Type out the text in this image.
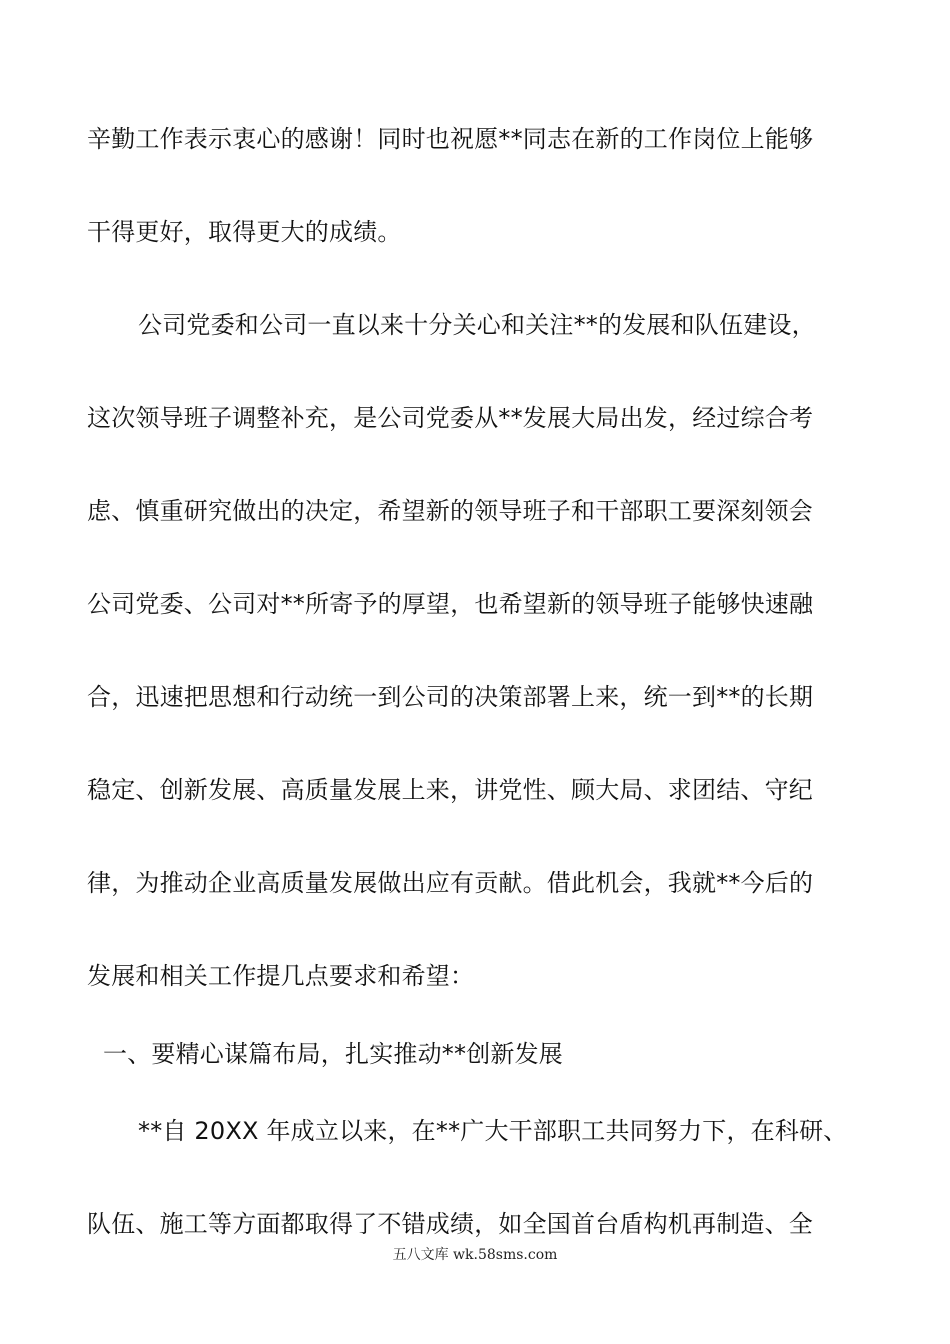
辛勤工作表示衷心的感谢！同时也祝愿**同志在新的工作岗位上能够
干得更好，取得更大的成绩。
公司党委和公司一直以来十分关心和关注**的发展和队伍建设，
这次领导班子调整补充，是公司党委从**发展大局出发，经过综合考
虑、慎重研究做出的决定，希望新的领导班子和干部职工要深刻领会
公司党委、公司对**所寄予的厚望，也希望新的领导班子能够快速融
合，迅速把思想和行动统一到公司的决策部署上来，统一到**的长期
稳定、创新发展、高质量发展上来，讲党性、顾大局、求团结、守纪
律，为推动企业高质量发展做出应有贡献。借此机会，我就**今后的
发展和相关工作提几点要求和希望：
一、要精心谋篇布局，扎实推动**创新发展
**自 20XX 年成立以来，在**广大干部职工共同努力下，在科研、
队伍、施工等方面都取得了不错成绩，如全国首台盾构机再制造、全
五八文库 wk.58sms.com
